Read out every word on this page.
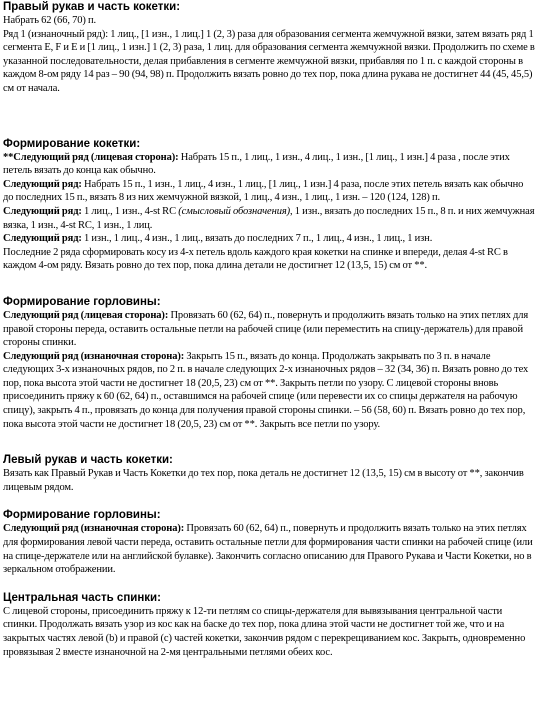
Правый рукав и часть кокетки:

Набрать 62 (66, 70) п.

Ряд 1 (изнаночный ряд): 1 лиц., [1 изн., 1 лиц.] 1 (2, 3) раза для образования сегмента жемчужной вязки, затем вязать ряд 1 сегмента E, F и E и [1 лиц., 1 изн.] 1 (2, 3) раза, 1 лиц. для образования сегмента жемчужной вязки. Продолжить по схеме в указанной последовательности, делая прибавления в сегменте жемчужной вязки, прибавляя по 1 п. с каждой стороны в каждом 8-ом ряду 14 раз – 90 (94, 98) п. Продолжить вязать ровно до тех пор, пока длина рукава не достигнет 44 (45, 45,5) см от начала.

Формирование кокетки:

**Следующий ряд (лицевая сторона): Набрать 15 п., 1 лиц., 1 изн., 4 лиц., 1 изн., [1 лиц., 1 изн.] 4 раза , после этих петель вязать до конца как обычно.

Следующий ряд: Набрать 15 п., 1 изн., 1 лиц., 4 изн., 1 лиц., [1 лиц., 1 изн.] 4 раза, после этих петель вязать как обычно до последних 15 п., вязать 8 из них жемчужной вязкой, 1 лиц., 4 изн., 1 лиц., 1 изн. – 120 (124, 128) п.

Следующий ряд: 1 лиц., 1 изн., 4-st RC (смысловый обозначения), 1 изн., вязать до последних 15 п., 8 п. и них жемчужная вязка, 1 изн., 4-st RC, 1 изн., 1 лиц.

Следующий ряд: 1 изн., 1 лиц., 4 изн., 1 лиц., вязать до последних 7 п., 1 лиц., 4 изн., 1 лиц., 1 изн.

Последние 2 ряда сформировать косу из 4-х петель вдоль каждого края кокетки на спинке и впереди, делая 4-st RC в каждом 4-ом ряду. Вязать ровно до тех пор, пока длина детали не достигнет 12 (13,5, 15) см от **.

Формирование горловины:

Следующий ряд (лицевая сторона): Провязать 60 (62, 64) п., повернуть и продолжить вязать только на этих петлях для правой стороны переда, оставить остальные петли на рабочей спице (или переместить на спицу-держатель) для правой стороны спинки.

Следующий ряд (изнаночная сторона): Закрыть 15 п., вязать до конца. Продолжать закрывать по 3 п. в начале следующих 3-х изнаночных рядов, по 2 п. в начале следующих 2-х изнаночных рядов – 32 (34, 36) п. Вязать ровно до тех пор, пока высота этой части не достигнет 18 (20,5, 23) см от **. Закрыть петли по узору. С лицевой стороны вновь присоединить пряжу к 60 (62, 64) п., оставшимся на рабочей спице (или перевести их со спицы держателя на рабочую спицу), закрыть 4 п., провязать до конца для получения правой стороны спинки. – 56 (58, 60) п. Вязать ровно до тех пор, пока высота этой части не достигнет 18 (20,5, 23) см от **. Закрыть все петли по узору.

Левый рукав и часть кокетки:

Вязать как Правый Рукав и Часть Кокетки до тех пор, пока деталь не достигнет 12 (13,5, 15) см в высоту от **, закончив лицевым рядом.

Формирование горловины:

Следующий ряд (изнаночная сторона): Провязать 60 (62, 64) п., повернуть и продолжить вязать только на этих петлях для формирования левой части переда, оставить остальные петли для формирования части спинки на рабочей спице (или на спице-держателе или на английской булавке). Закончить согласно описанию для Правого Рукава и Части Кокетки, но в зеркальном отображении.

Центральная часть спинки:

С лицевой стороны, присоединить пряжу к 12-ти петлям со спицы-держателя для вывязывания центральной части спинки. Продолжать вязать узор из кос как на баске до тех пор, пока длина этой части не достигнет той же, что и на закрытых частях левой (b) и правой (c) частей кокетки, закончив рядом с перекрещиванием кос. Закрыть, одновременно провязывая 2 вместе изнаночной на 2-мя центральными петлями обеих кос.
